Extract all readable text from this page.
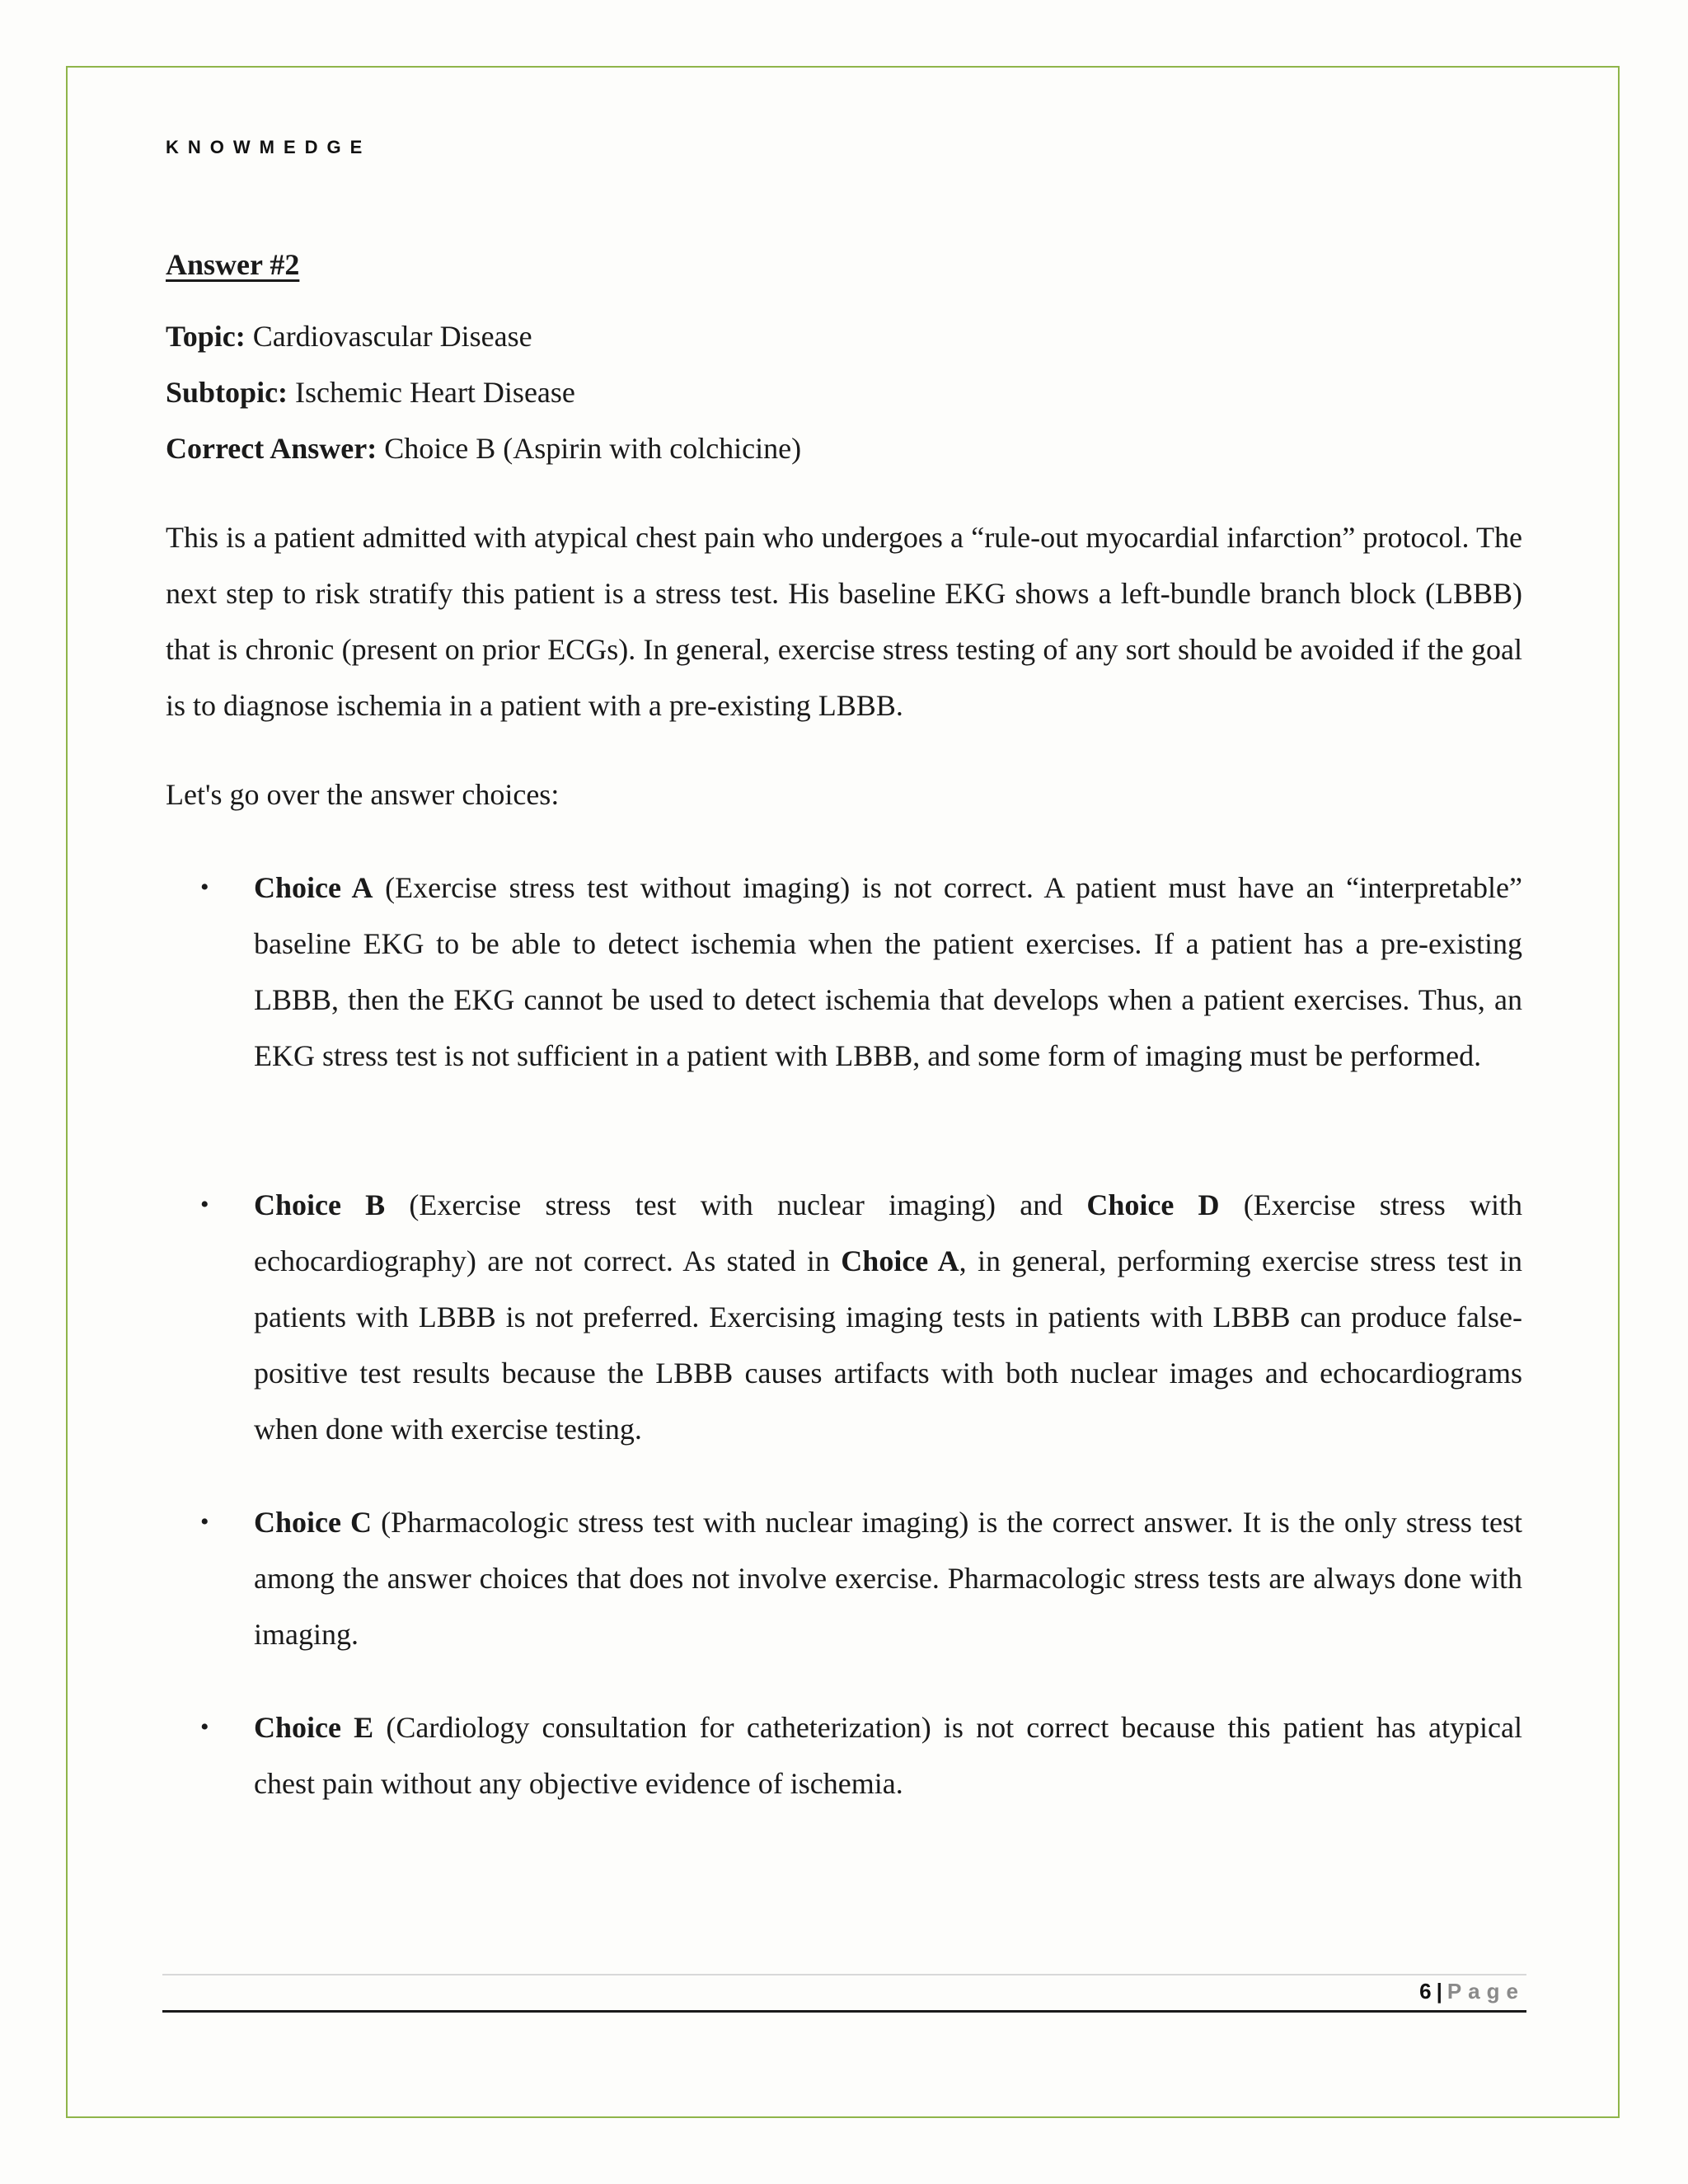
KNOWMEDGE
Answer #2
Topic: Cardiovascular Disease
Subtopic: Ischemic Heart Disease
Correct Answer: Choice B (Aspirin with colchicine)

This is a patient admitted with atypical chest pain who undergoes a “rule-out myocardial infarction” protocol. The next step to risk stratify this patient is a stress test. His baseline EKG shows a left-bundle branch block (LBBB) that is chronic (present on prior ECGs). In general, exercise stress testing of any sort should be avoided if the goal is to diagnose ischemia in a patient with a pre-existing LBBB.

Let's go over the answer choices:

• Choice A (Exercise stress test without imaging) is not correct. A patient must have an “interpretable” baseline EKG to be able to detect ischemia when the patient exercises. If a patient has a pre-existing LBBB, then the EKG cannot be used to detect ischemia that develops when a patient exercises. Thus, an EKG stress test is not sufficient in a patient with LBBB, and some form of imaging must be performed.
• Choice B (Exercise stress test with nuclear imaging) and Choice D (Exercise stress with echocardiography) are not correct. As stated in Choice A, in general, performing exercise stress test in patients with LBBB is not preferred. Exercising imaging tests in patients with LBBB can produce false-positive test results because the LBBB causes artifacts with both nuclear images and echocardiograms when done with exercise testing.
• Choice C (Pharmacologic stress test with nuclear imaging) is the correct answer. It is the only stress test among the answer choices that does not involve exercise. Pharmacologic stress tests are always done with imaging.
• Choice E (Cardiology consultation for catheterization) is not correct because this patient has atypical chest pain without any objective evidence of ischemia.
6 | Page
